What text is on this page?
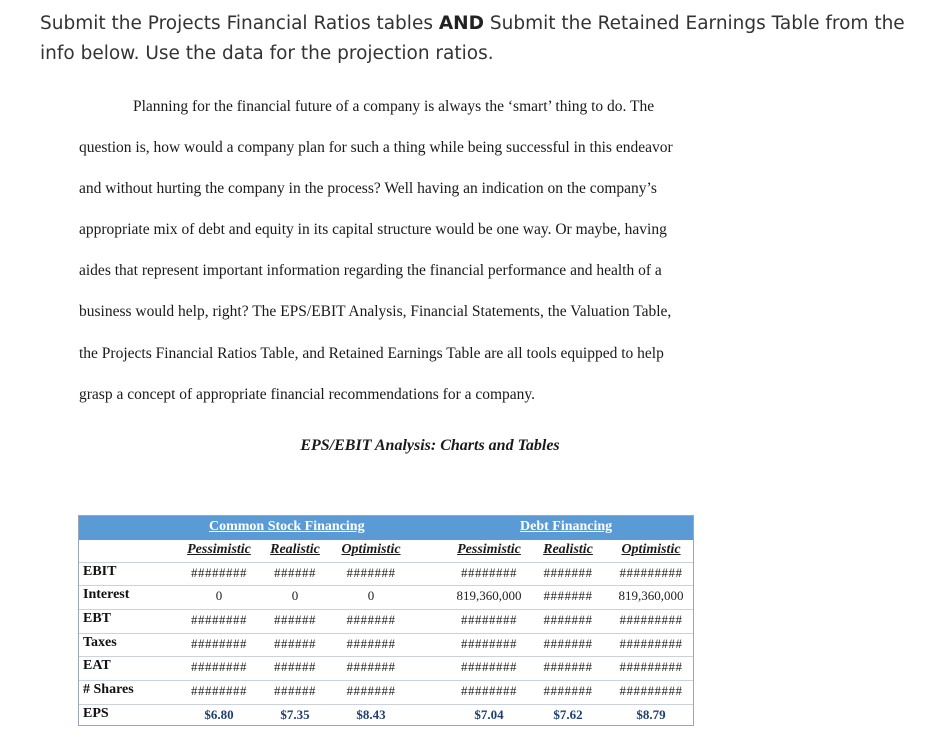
Submit the Projects Financial Ratios tables AND Submit the Retained Earnings Table from the info below. Use the data for the projection ratios.
Planning for the financial future of a company is always the ‘smart’ thing to do. The
question is, how would a company plan for such a thing while being successful in this endeavor
and without hurting the company in the process? Well having an indication on the company’s
appropriate mix of debt and equity in its capital structure would be one way. Or maybe, having
aides that represent important information regarding the financial performance and health of a
business would help, right? The EPS/EBIT Analysis, Financial Statements, the Valuation Table,
the Projects Financial Ratios Table, and Retained Earnings Table are all tools equipped to help
grasp a concept of appropriate financial recommendations for a company.
EPS/EBIT Analysis: Charts and Tables
Common Stock Financing	Debt Financing
Pessimistic	Realistic	Optimistic	Pessimistic	Realistic	Optimistic
EBIT	########	######	#######	########	#######	#########
Interest	0	0	0	819,360,000	#######	819,360,000
EBT	########	######	#######	########	#######	#########
Taxes	########	######	#######	########	#######	#########
EAT	########	######	#######	########	#######	#########
# Shares	########	######	#######	########	#######	#########
EPS	$6.80	$7.35	$8.43	$7.04	$7.62	$8.79
